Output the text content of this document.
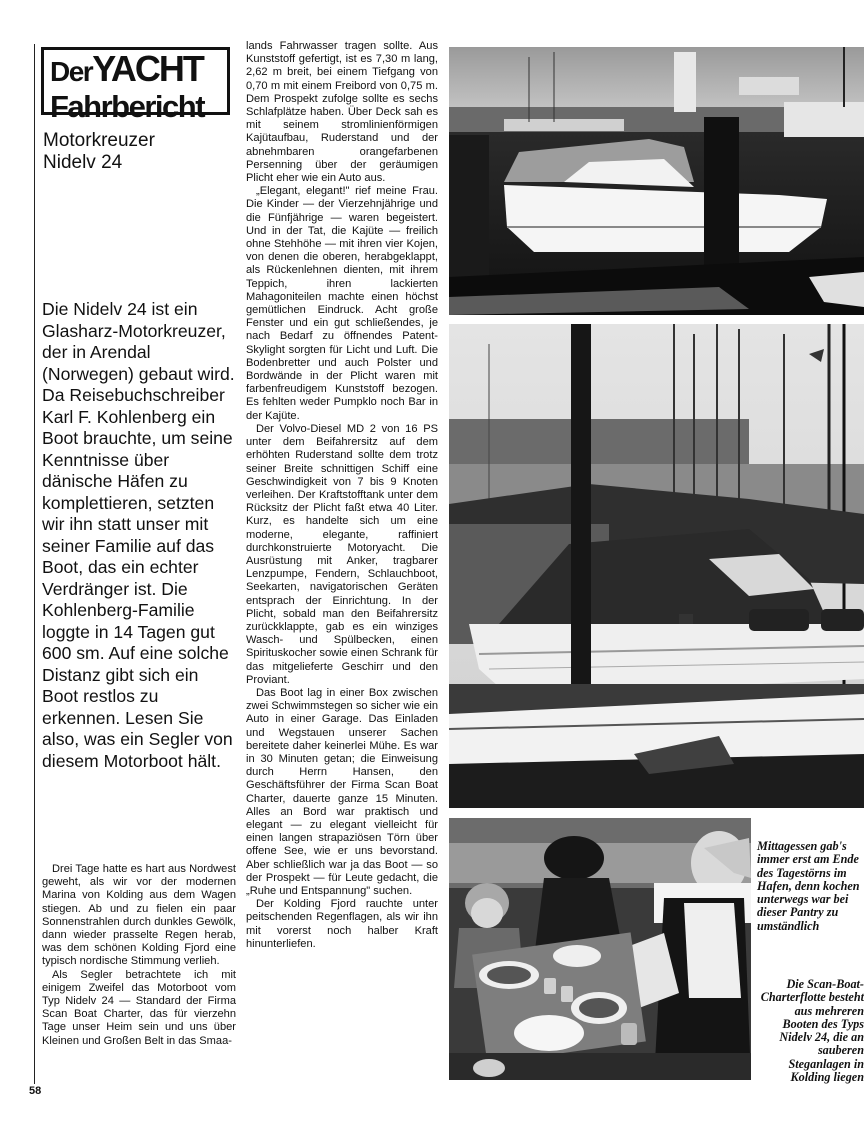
DerYACHT
Fahrbericht
Motorkreuzer
Nidelv 24
Die Nidelv 24 ist ein Glasharz-Motorkreuzer, der in Arendal (Norwegen) gebaut wird. Da Reisebuchschreiber Karl F. Kohlenberg ein Boot brauchte, um seine Kenntnisse über dänische Häfen zu komplettieren, setzten wir ihn statt unser mit seiner Familie auf das Boot, das ein echter Verdränger ist. Die Kohlenberg-Familie loggte in 14 Tagen gut 600 sm. Auf eine solche Distanz gibt sich ein Boot restlos zu erkennen. Lesen Sie also, was ein Segler von diesem Motorboot hält.

Drei Tage hatte es hart aus Nordwest geweht, als wir vor der modernen Marina von Kolding aus dem Wagen stiegen. Ab und zu fielen ein paar Sonnenstrahlen durch dunkles Gewölk, dann wieder prasselte Regen herab, was dem schönen Kolding Fjord eine typisch nordische Stimmung verlieh.

Als Segler betrachtete ich mit einigem Zweifel das Motorboot vom Typ Nidelv 24 — Standard der Firma Scan Boat Charter, das für vierzehn Tage unser Heim sein und uns über Kleinen und Großen Belt in das Smaa-

lands Fahrwasser tragen sollte. Aus Kunststoff gefertigt, ist es 7,30 m lang, 2,62 m breit, bei einem Tiefgang von 0,70 m mit einem Freibord von 0,75 m. Dem Prospekt zufolge sollte es sechs Schlafplätze haben. Über Deck sah es mit seinem stromlinienförmigen Kajütaufbau, Ruderstand und der abnehmbaren orangefarbenen Persenning über der geräumigen Plicht eher wie ein Auto aus.

„Elegant, elegant!" rief meine Frau. Die Kinder — der Vierzehnjährige und die Fünfjährige — waren begeistert. Und in der Tat, die Kajüte — freilich ohne Stehhöhe — mit ihren vier Kojen, von denen die oberen, herabgeklappt, als Rückenlehnen dienten, mit ihrem Teppich, ihren lackierten Mahagoniteilen machte einen höchst gemütlichen Eindruck. Acht große Fenster und ein gut schließendes, je nach Bedarf zu öffnendes Patent-Skylight sorgten für Licht und Luft. Die Bodenbretter und auch Polster und Bordwände in der Plicht waren mit farbenfreudigem Kunststoff bezogen. Es fehlten weder Pumpklo noch Bar in der Kajüte.

Der Volvo-Diesel MD 2 von 16 PS unter dem Beifahrersitz auf dem erhöhten Ruderstand sollte dem trotz seiner Breite schnittigen Schiff eine Geschwindigkeit von 7 bis 9 Knoten verleihen. Der Kraftstofftank unter dem Rücksitz der Plicht faßt etwa 40 Liter. Kurz, es handelte sich um eine moderne, elegante, raffiniert durchkonstruierte Motoryacht. Die Ausrüstung mit Anker, tragbarer Lenzpumpe, Fendern, Schlauchboot, Seekarten, navigatorischen Geräten entsprach der Einrichtung. In der Plicht, sobald man den Beifahrersitz zurückklappte, gab es ein winziges Wasch- und Spülbecken, einen Spirituskocher sowie einen Schrank für das mitgelieferte Geschirr und den Proviant.

Das Boot lag in einer Box zwischen zwei Schwimmstegen so sicher wie ein Auto in einer Garage. Das Einladen und Wegstauen unserer Sachen bereitete daher keinerlei Mühe. Es war in 30 Minuten getan; die Einweisung durch Herrn Hansen, den Geschäftsführer der Firma Scan Boat Charter, dauerte ganze 15 Minuten. Alles an Bord war praktisch und elegant — zu elegant vielleicht für einen langen strapaziösen Törn über offene See, wie er uns bevorstand. Aber schließlich war ja das Boot — so der Prospekt — für Leute gedacht, die „Ruhe und Entspannung" suchen.

Der Kolding Fjord rauchte unter peitschenden Regenflagen, als wir ihn mit vorerst noch halber Kraft hinunterliefen.

Mittagessen gab's immer erst am Ende des Tagestörns im Hafen, denn kochen unterwegs war bei dieser Pantry zu umständlich
Die Scan-Boat-Charterflotte besteht aus mehreren Booten des Typs Nidelv 24, die an sauberen Steganlagen in Kolding liegen
58
